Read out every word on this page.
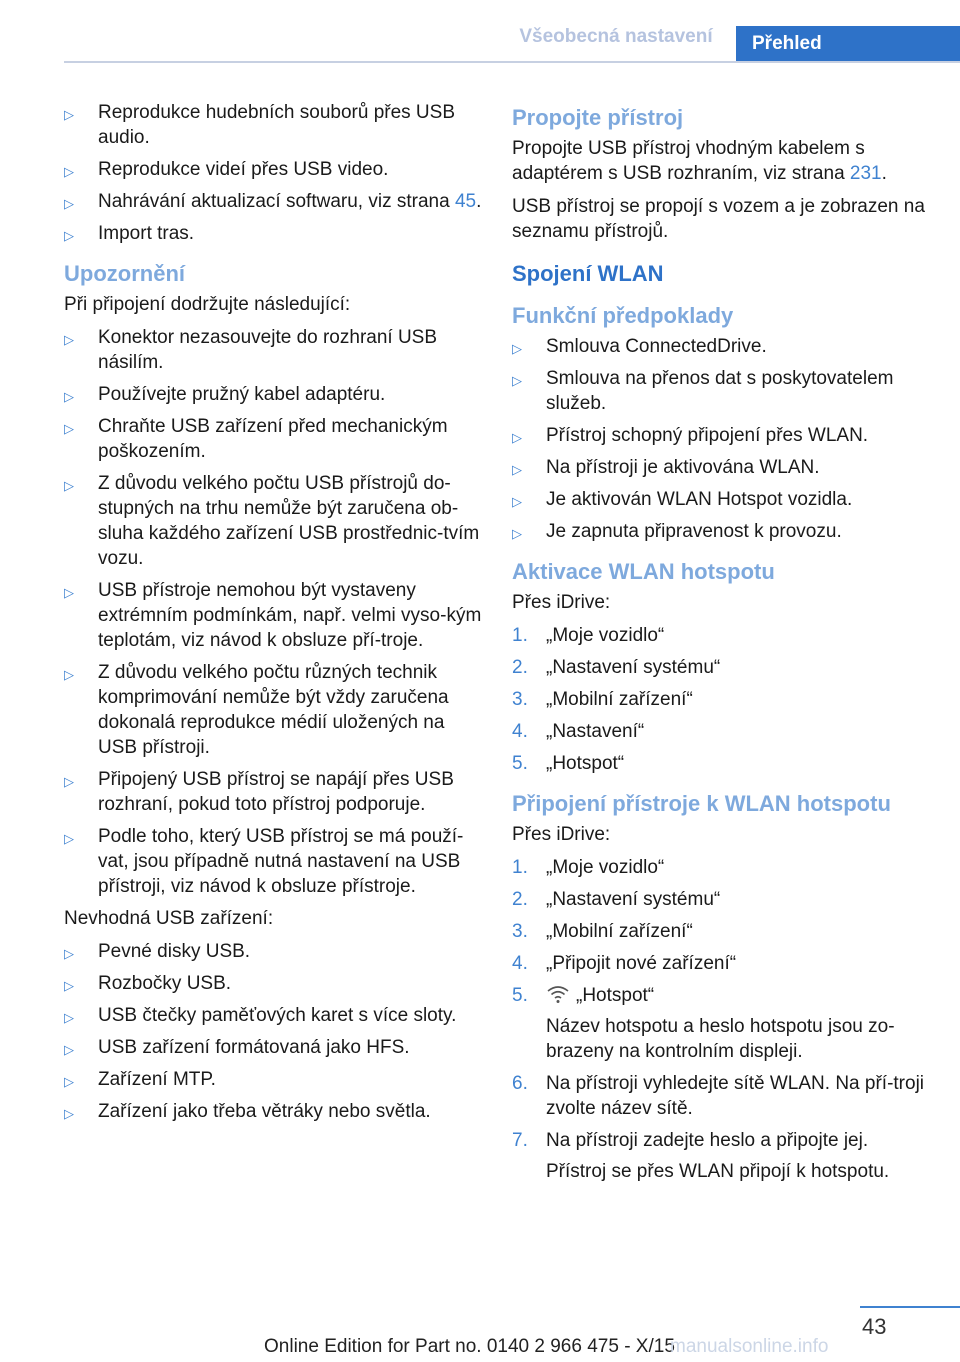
Všeobecná nastavení	Přehled
▷	Reprodukce hudebních souborů přes USB audio.
▷	Reprodukce videí přes USB video.
▷	Nahrávání aktualizací softwaru, viz strana 45.
▷	Import tras.
Upozornění

Při připojení dodržujte následující:

▷	Konektor nezasouvejte do rozhraní USB násilím.
▷	Používejte pružný kabel adaptéru.
▷	Chraňte USB zařízení před mechanickým poškozením.
▷	Z důvodu velkého počtu USB přístrojů do‐stupných na trhu nemůže být zaručena ob‐sluha každého zařízení USB prostřednic‐tvím vozu.
▷	USB přístroje nemohou být vystaveny extrémním podmínkám, např. velmi vyso‐kým teplotám, viz návod k obsluze pří‐troje.
▷	Z důvodu velkého počtu různých technik komprimování nemůže být vždy zaručena dokonalá reprodukce médií uložených na USB přístroji.
▷	Připojený USB přístroj se napájí přes USB rozhraní, pokud toto přístroj podporuje.
▷	Podle toho, který USB přístroj se má použí‐vat, jsou případně nutná nastavení na USB přístroji, viz návod k obsluze přístroje.

Nevhodná USB zařízení:

▷	Pevné disky USB.
▷	Rozbočky USB.
▷	USB čtečky paměťových karet s více sloty.
▷	USB zařízení formátovaná jako HFS.
▷	Zařízení MTP.
▷	Zařízení jako třeba větráky nebo světla.
Propojte přístroj

Propojte USB přístroj vhodným kabelem s adaptérem s USB rozhraním, viz strana 231.

USB přístroj se propojí s vozem a je zobrazen na seznamu přístrojů.

Spojení WLAN
Funkční předpoklady
▷	Smlouva ConnectedDrive.
▷	Smlouva na přenos dat s poskytovatelem služeb.
▷	Přístroj schopný připojení přes WLAN.
▷	Na přístroji je aktivována WLAN.
▷	Je aktivován WLAN Hotspot vozidla.
▷	Je zapnuta připravenost k provozu.
Aktivace WLAN hotspotu

Přes iDrive:

1. „Moje vozidlo“
2. „Nastavení systému“
3. „Mobilní zařízení“
4. „Nastavení“
5. „Hotspot“
Připojení přístroje k WLAN hotspotu

Přes iDrive:

1. „Moje vozidlo“
2. „Nastavení systému“
3. „Mobilní zařízení“
4. „Připojit nové zařízení“
5.	„Hotspot“
Název hotspotu a heslo hotspotu jsou zo‐brazeny na kontrolním displeji.
6. Na přístroji vyhledejte sítě WLAN. Na pří‐troji zvolte název sítě.
7. Na přístroji zadejte heslo a připojte jej.
Přístroj se přes WLAN připojí k hotspotu.
43
Online Edition for Part no. 0140 2 966 475 - X/15
manualsonline.info
